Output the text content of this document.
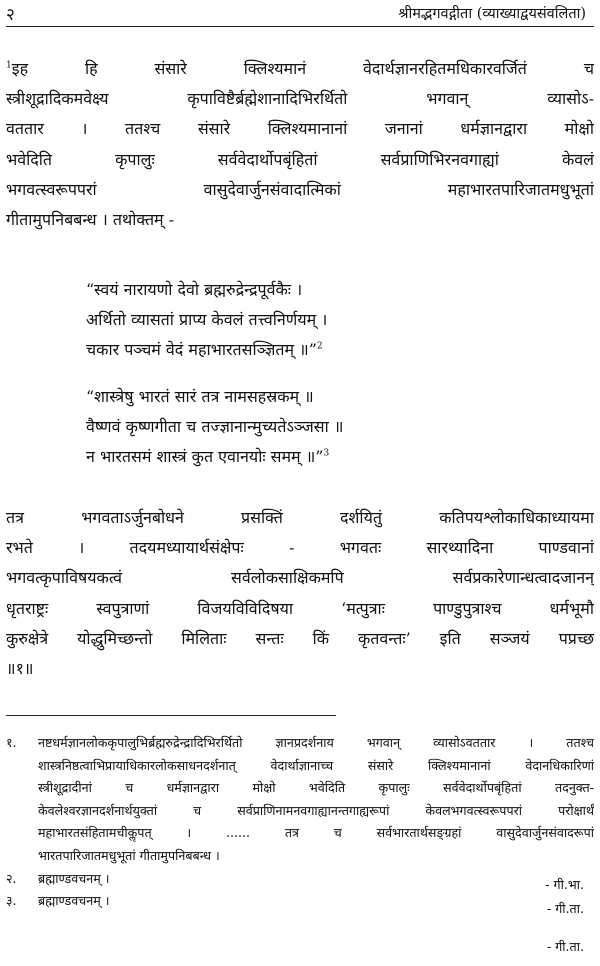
२	श्रीमद्भगवद्गीता (व्याख्याद्वयसंवलिता)
$^1$इह हि संसारे क्लिश्यमानं वेदार्थज्ञानरहितमधिकारवर्जितं च
स्त्रीशूद्रादिकमवेक्ष्य कृपाविष्टैर्ब्रह्मेशानादिभिरर्थितो भगवान् व्यासोऽ-
वततार । ततश्च संसारे क्लिश्यमानानां जनानां धर्मज्ञानद्वारा मोक्षो
भवेदिति कृपालुः सर्ववेदार्थोपबृंहितां सर्वप्राणिभिरनवगाह्यां केवलं
भगवत्स्वरूपपरां वासुदेवार्जुनसंवादात्मिकां महाभारतपारिजातमधुभूतां
गीतामुपनिबबन्ध । तथोक्तम् -
“स्वयं नारायणो देवो ब्रह्मरुद्रेन्द्रपूर्वकैः ।
अर्थितो व्यासतां प्राप्य केवलं तत्त्वनिर्णयम् ।
चकार पञ्चमं वेदं महाभारतसञ्ज्ञितम् ॥”$^2$
“शास्त्रेषु भारतं सारं तत्र नामसहस्रकम् ॥
वैष्णवं कृष्णगीता च तज्ज्ञानान्मुच्यतेऽञ्जसा ॥
न भारतसमं शास्त्रं कुत एवानयोः समम् ॥”$^3$
तत्र भगवताऽर्जुनबोधने प्रसक्तिं दर्शयितुं कतिपयश्लोकाधिकाध्यायमा
रभते । तदयमध्यायार्थसंक्षेपः - भगवतः सारथ्यादिना पाण्डवानां
भगवत्कृपाविषयकत्वं सर्वलोकसाक्षिकमपि सर्वप्रकारेणान्धत्वादजानन्
धृतराष्ट्रः स्वपुत्राणां विजयविविदिषया ‘मत्पुत्राः पाण्डुपुत्राश्च धर्मभूमौ
कुरुक्षेत्रे योद्धुमिच्छन्तो मिलिताः सन्तः किं कृतवन्तः’ इति सञ्जयं पप्रच्छ
॥१॥
१. नष्टधर्मज्ञानलोककृपालुभिर्ब्रह्मरुद्रेन्द्रादिभिरर्थितो ज्ञानप्रदर्शनाय भगवान् व्यासोऽवततार । ततश्च
शास्त्रनिष्ठत्वाभिप्रायाधिकारलोकसाधनदर्शनात् वेदार्थाज्ञानाच्च संसारे क्लिश्यमानानां वेदानधिकारिणां
स्त्रीशूद्रादीनां च धर्मज्ञानद्वारा मोक्षो भवेदिति कृपालुः सर्ववेदार्थोपबृंहितां तदनुक्त-
केवलेश्वरज्ञानदर्शनार्थयुक्तां च सर्वप्राणिनामनवगाह्यानन्तगाह्यरूपां केवलभगवत्स्वरूपपरां परोक्षार्थं
महाभारतसंहितामचीकॢपत् । ...... तत्र च सर्वभारतार्थसङ्ग्रहां वासुदेवार्जुनसंवादरूपां
भारतपारिजातमधुभूतां गीतामुपनिबबन्ध ।
२. ब्रह्माण्डवचनम् ।
३. ब्रह्माण्डवचनम् ।
- गी.भा.
- गी.ता.
- गी.ता.
